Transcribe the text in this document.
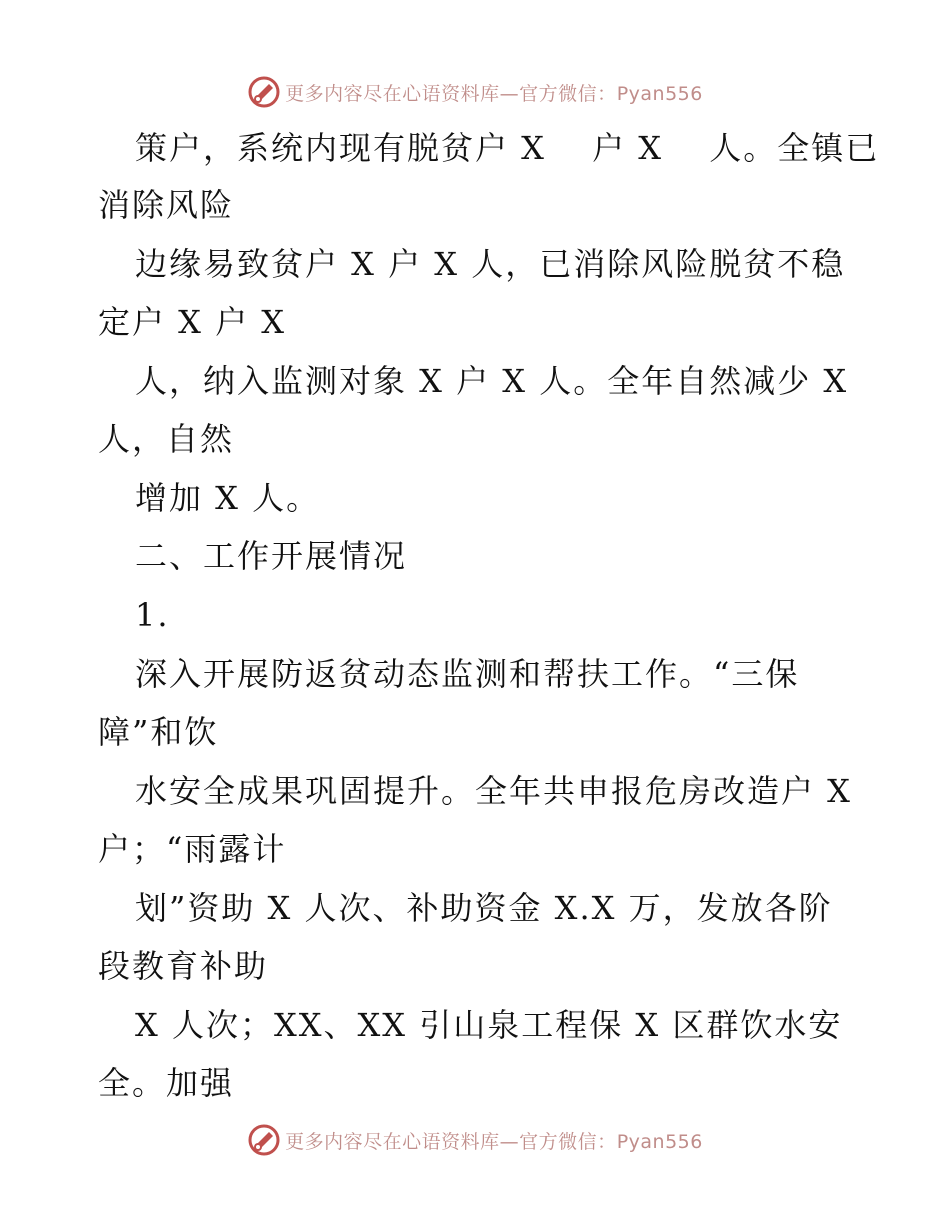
更多内容尽在心语资料库—官方微信：Pyan556
策户，系统内现有脱贫户 X　 户 X　 人。全镇已
消除风险
边缘易致贫户 X 户 X 人，已消除风险脱贫不稳
定户 X 户 X
人，纳入监测对象 X 户 X 人。全年自然减少 X
人，自然
增加 X 人。
二、工作开展情况
1.
深入开展防返贫动态监测和帮扶工作。“三保
障”和饮
水安全成果巩固提升。全年共申报危房改造户 X
户；“雨露计
划”资助 X 人次、补助资金 X.X 万，发放各阶
段教育补助
X 人次；XX、XX 引山泉工程保 X 区群饮水安
全。加强
更多内容尽在心语资料库—官方微信：Pyan556
